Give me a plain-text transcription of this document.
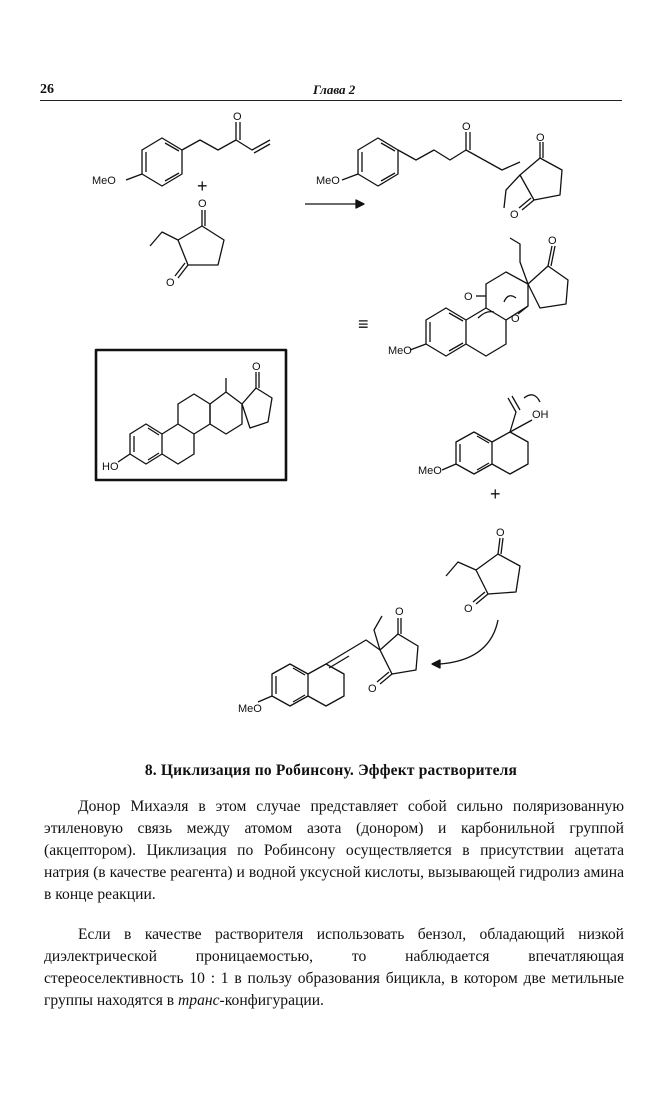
26	Глава 2
MeO
O
+
O
O
MeO
O
O
O
≡
MeO
O
O
O
HO
O
MeO
OH
+
O
O
MeO
O
O
8. Циклизация по Робинсону. Эффект растворителя

Донор Михаэля в этом случае представляет собой сильно поляризованную этиленовую связь между атомом азота (донором) и карбонильной группой (акцептором). Циклизация по Робинсону осуществляется в присутствии ацетата натрия (в качестве реагента) и водной уксусной кислоты, вызывающей гидролиз амина в конце реакции.

Если в качестве растворителя использовать бензол, обладающий низкой диэлектрической проницаемостью, то наблюдается впечатляющая стереоселективность 10 : 1 в пользу образования бицикла, в котором две метильные группы находятся в транс-конфигурации.
